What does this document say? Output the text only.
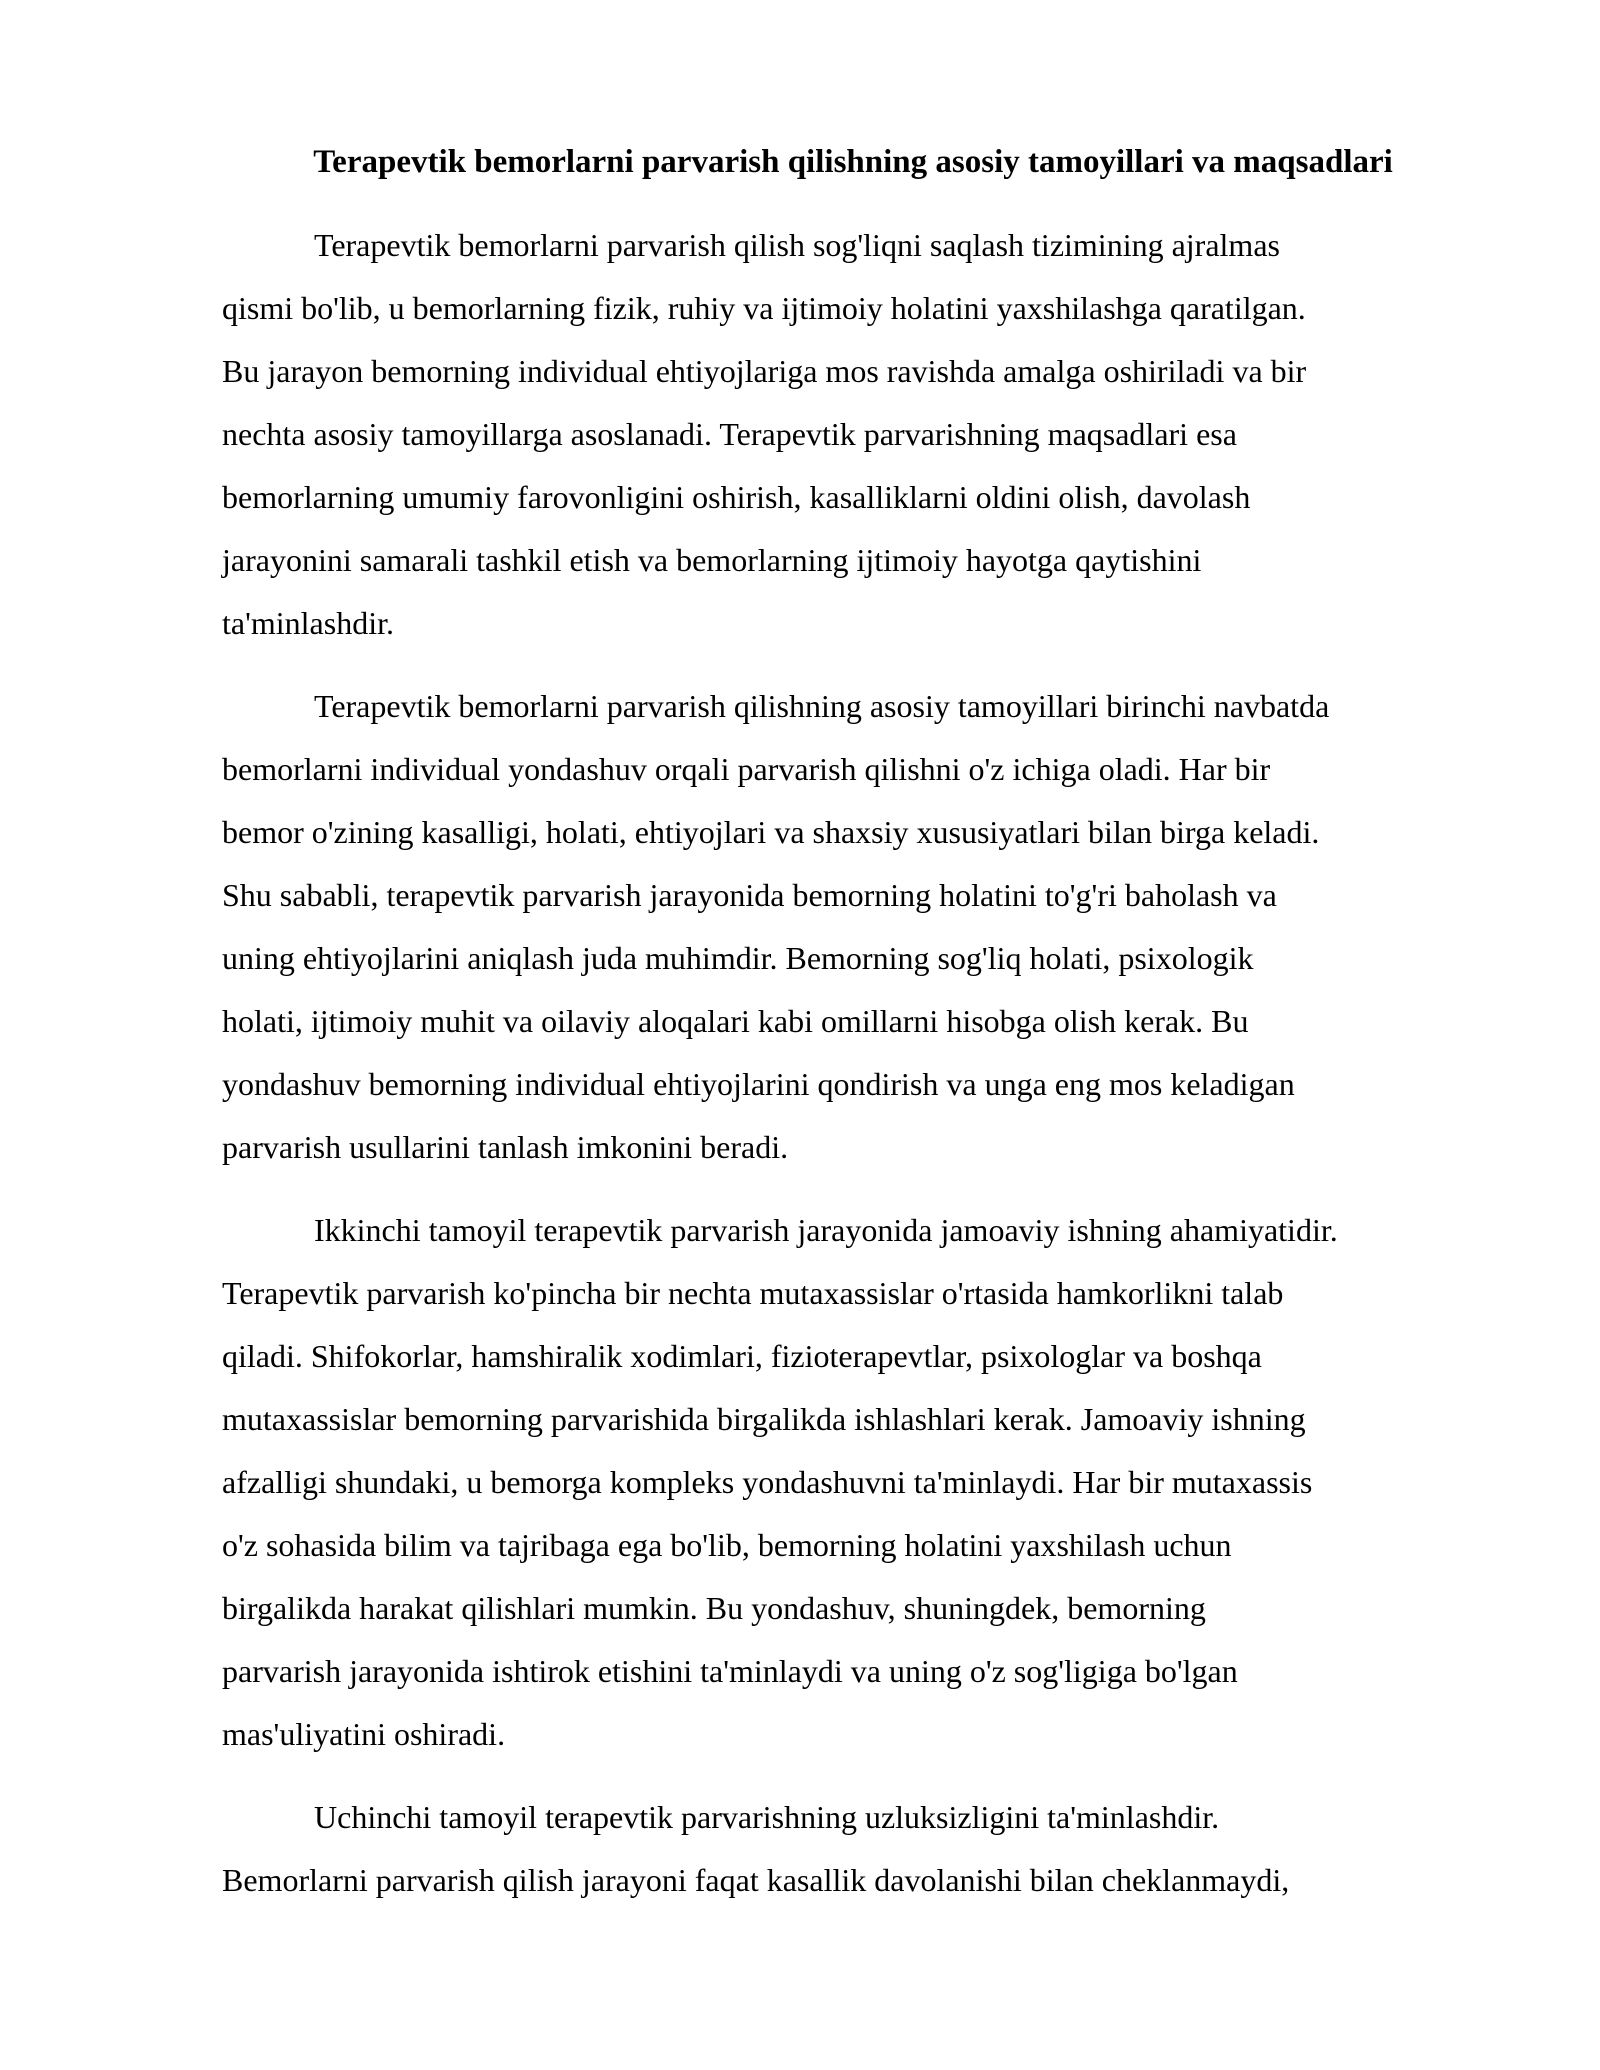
Terapevtik bemorlarni parvarish qilishning asosiy tamoyillari va maqsadlari

Terapevtik bemorlarni parvarish qilish sog'liqni saqlash tizimining ajralmas
qismi bo'lib, u bemorlarning fizik, ruhiy va ijtimoiy holatini yaxshilashga qaratilgan.
Bu jarayon bemorning individual ehtiyojlariga mos ravishda amalga oshiriladi va bir
nechta asosiy tamoyillarga asoslanadi. Terapevtik parvarishning maqsadlari esa
bemorlarning umumiy farovonligini oshirish, kasalliklarni oldini olish, davolash
jarayonini samarali tashkil etish va bemorlarning ijtimoiy hayotga qaytishini
ta'minlashdir.

Terapevtik bemorlarni parvarish qilishning asosiy tamoyillari birinchi navbatda
bemorlarni individual yondashuv orqali parvarish qilishni o'z ichiga oladi. Har bir
bemor o'zining kasalligi, holati, ehtiyojlari va shaxsiy xususiyatlari bilan birga keladi.
Shu sababli, terapevtik parvarish jarayonida bemorning holatini to'g'ri baholash va
uning ehtiyojlarini aniqlash juda muhimdir. Bemorning sog'liq holati, psixologik
holati, ijtimoiy muhit va oilaviy aloqalari kabi omillarni hisobga olish kerak. Bu
yondashuv bemorning individual ehtiyojlarini qondirish va unga eng mos keladigan
parvarish usullarini tanlash imkonini beradi.

Ikkinchi tamoyil terapevtik parvarish jarayonida jamoaviy ishning ahamiyatidir.
Terapevtik parvarish ko'pincha bir nechta mutaxassislar o'rtasida hamkorlikni talab
qiladi. Shifokorlar, hamshiralik xodimlari, fizioterapevtlar, psixologlar va boshqa
mutaxassislar bemorning parvarishida birgalikda ishlashlari kerak. Jamoaviy ishning
afzalligi shundaki, u bemorga kompleks yondashuvni ta'minlaydi. Har bir mutaxassis
o'z sohasida bilim va tajribaga ega bo'lib, bemorning holatini yaxshilash uchun
birgalikda harakat qilishlari mumkin. Bu yondashuv, shuningdek, bemorning
parvarish jarayonida ishtirok etishini ta'minlaydi va uning o'z sog'ligiga bo'lgan
mas'uliyatini oshiradi.

Uchinchi tamoyil terapevtik parvarishning uzluksizligini ta'minlashdir.
Bemorlarni parvarish qilish jarayoni faqat kasallik davolanishi bilan cheklanmaydi,
